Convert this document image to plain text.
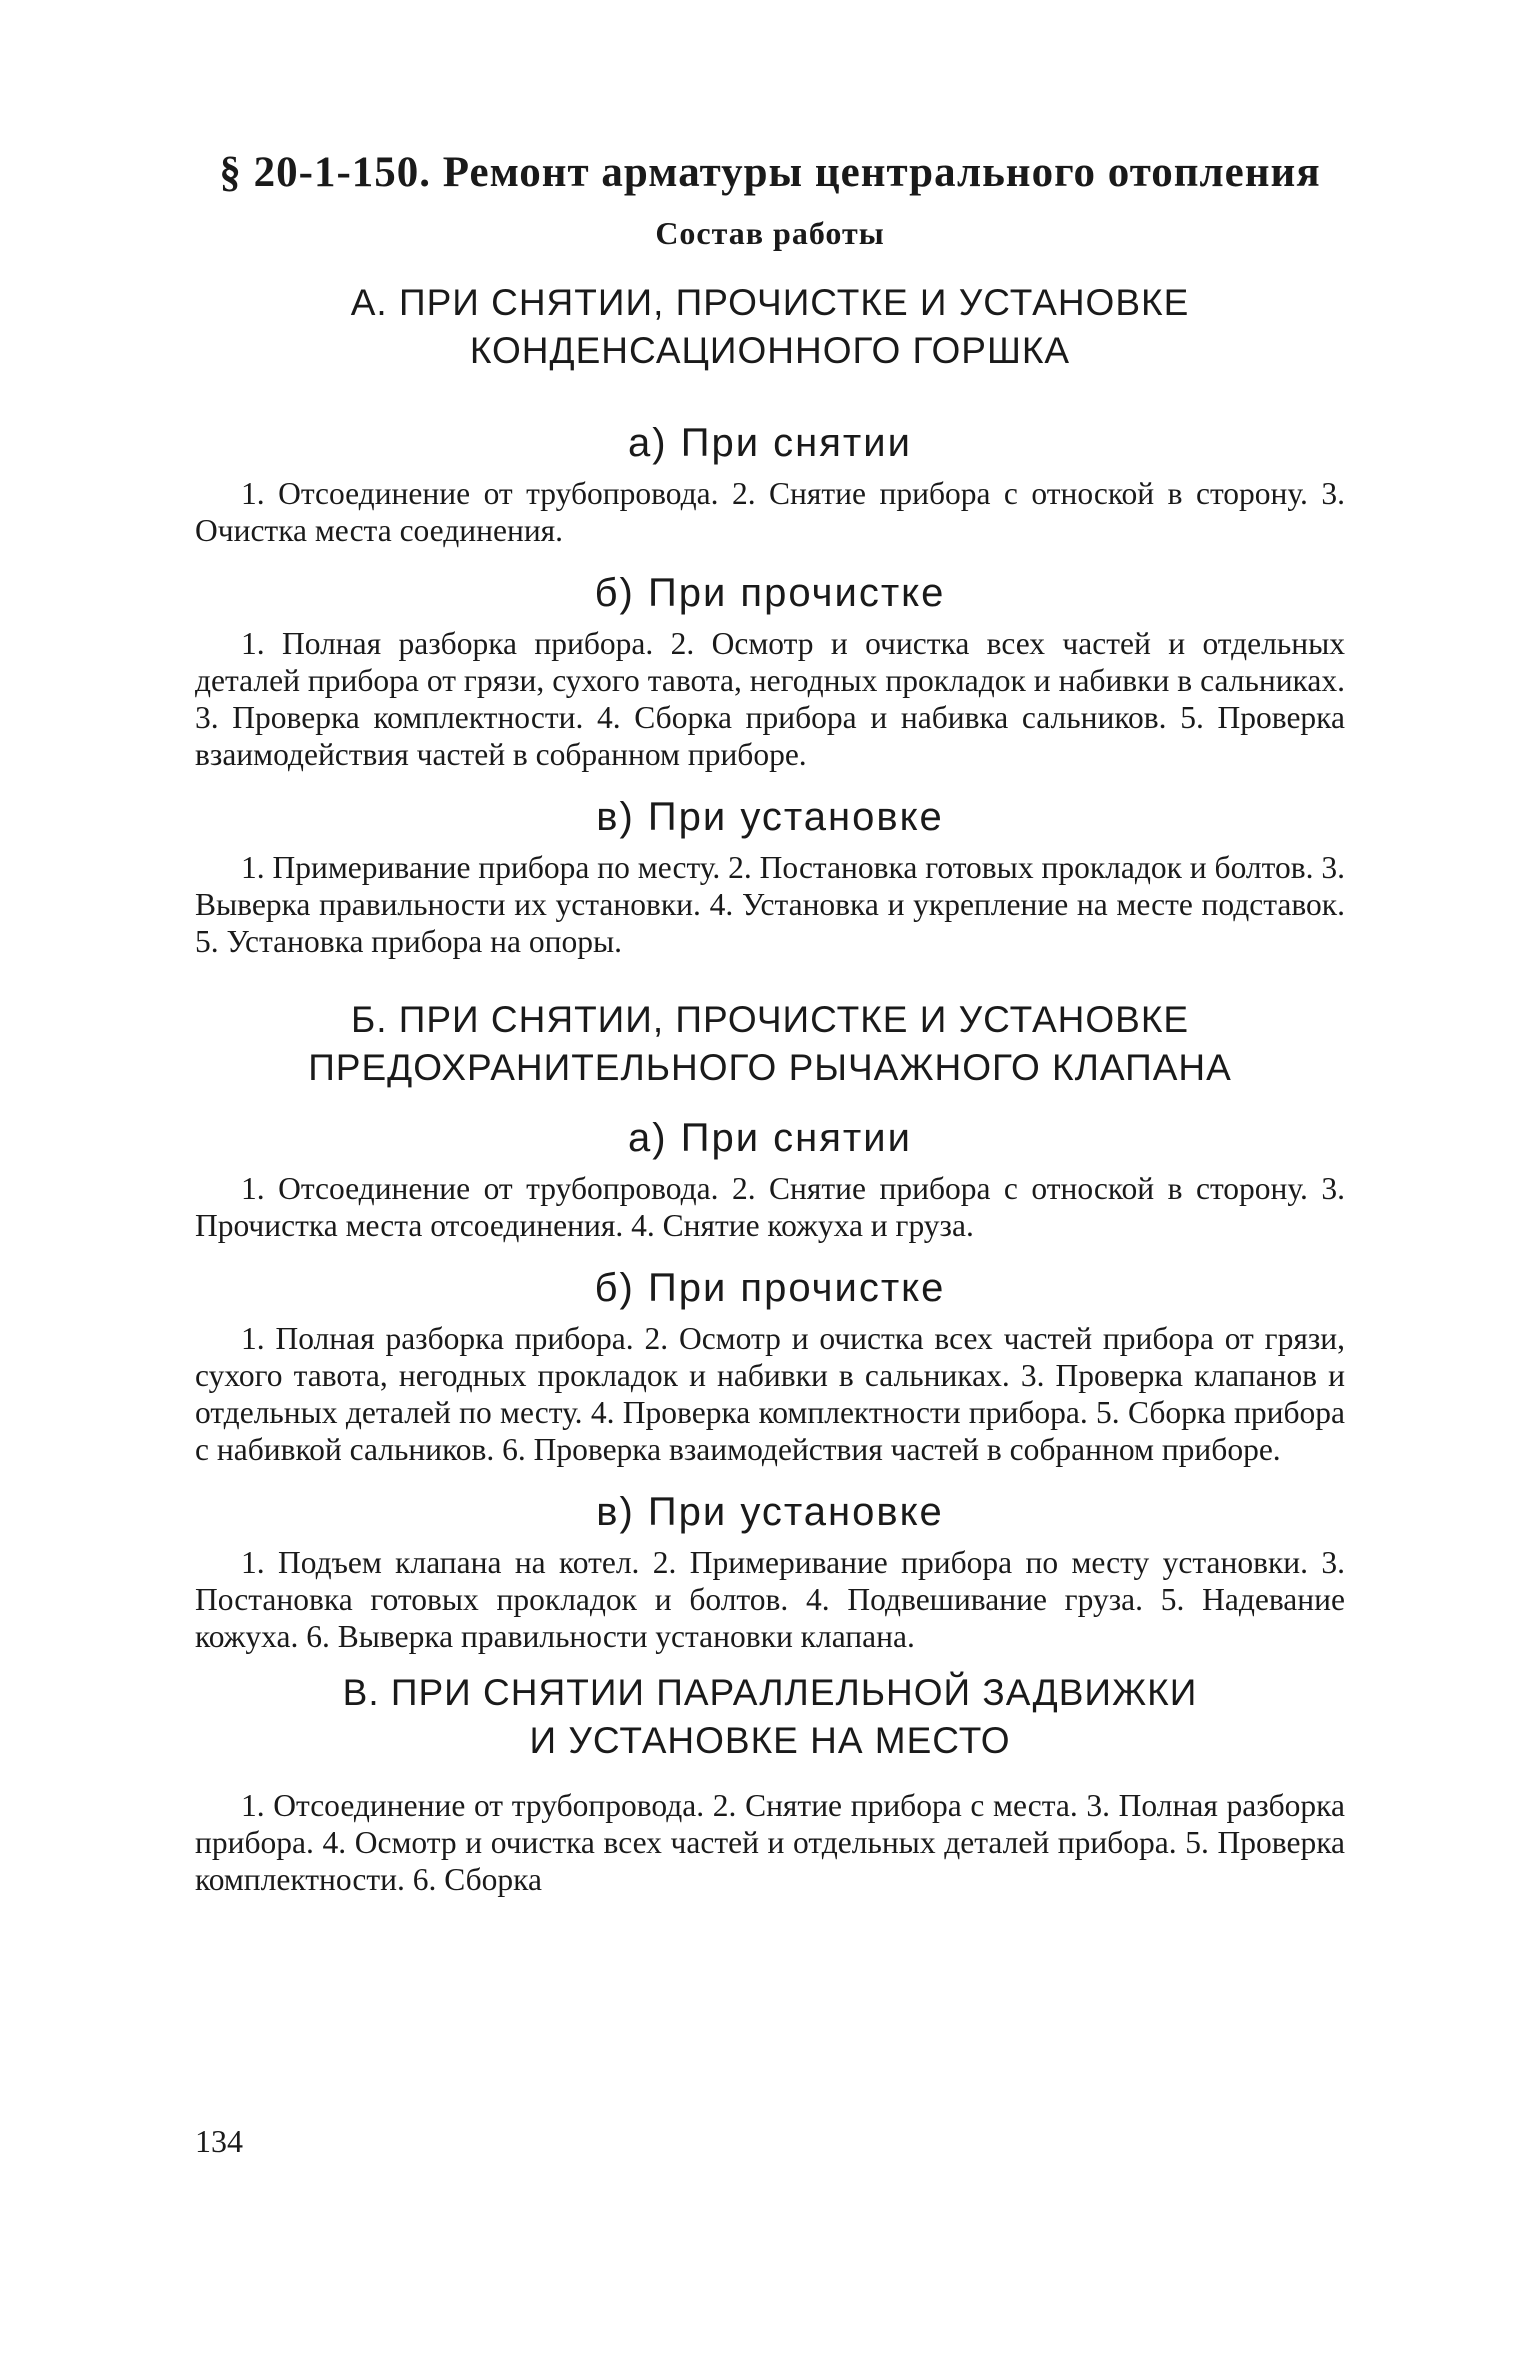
§ 20-1-150. Ремонт арматуры центрального отопления
Состав работы
А. ПРИ СНЯТИИ, ПРОЧИСТКЕ И УСТАНОВКЕ
КОНДЕНСАЦИОННОГО ГОРШКА
а) При снятии

1. Отсоединение от трубопровода. 2. Снятие прибора с отноской в сторону. 3. Очистка места соединения.

б) При прочистке

1. Полная разборка прибора. 2. Осмотр и очистка всех частей и отдельных деталей прибора от грязи, сухого тавота, негодных прокладок и набивки в сальниках. 3. Проверка комплектности. 4. Сборка прибора и набивка сальников. 5. Проверка взаимодействия частей в собранном приборе.

в) При установке

1. Примеривание прибора по месту. 2. Постановка готовых прокладок и болтов. 3. Выверка правильности их установки. 4. Установка и укрепление на месте подставок. 5. Установка прибора на опоры.

Б. ПРИ СНЯТИИ, ПРОЧИСТКЕ И УСТАНОВКЕ
ПРЕДОХРАНИТЕЛЬНОГО РЫЧАЖНОГО КЛАПАНА
а) При снятии

1. Отсоединение от трубопровода. 2. Снятие прибора с отноской в сторону. 3. Прочистка места отсоединения. 4. Снятие кожуха и груза.

б) При прочистке

1. Полная разборка прибора. 2. Осмотр и очистка всех частей прибора от грязи, сухого тавота, негодных прокладок и набивки в сальниках. 3. Проверка клапанов и отдельных деталей по месту. 4. Проверка комплектности прибора. 5. Сборка прибора с набивкой сальников. 6. Проверка взаимодействия частей в собранном приборе.

в) При установке

1. Подъем клапана на котел. 2. Примеривание прибора по месту установки. 3. Постановка готовых прокладок и болтов. 4. Подвешивание груза. 5. Надевание кожуха. 6. Выверка правильности установки клапана.

В. ПРИ СНЯТИИ ПАРАЛЛЕЛЬНОЙ ЗАДВИЖКИ
И УСТАНОВКЕ НА МЕСТО

1. Отсоединение от трубопровода. 2. Снятие прибора с места. 3. Полная разборка прибора. 4. Осмотр и очистка всех частей и отдельных деталей прибора. 5. Проверка комплектности. 6. Сборка

134
